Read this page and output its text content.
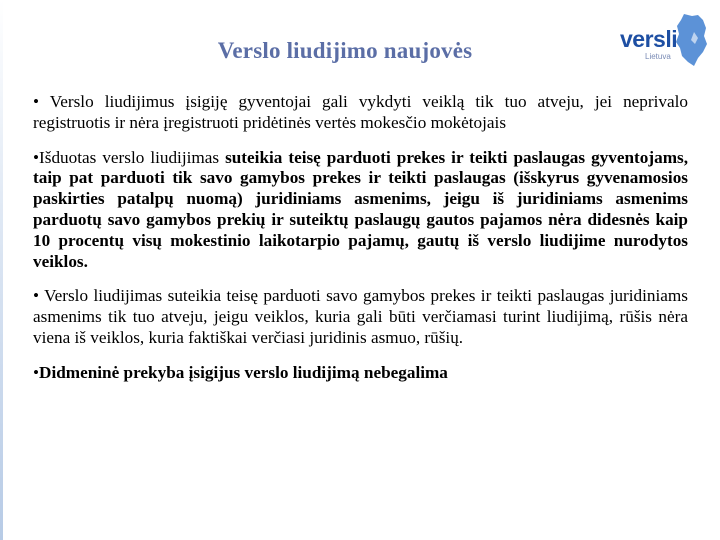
Verslo liudijimo naujovės	versli
Lietuva

• Verslo liudijimus įsigiję gyventojai gali vykdyti veiklą tik tuo atveju, jei neprivalo registruotis ir nėra įregistruoti pridėtinės vertės mokesčio mokėtojais

•Išduotas verslo liudijimas suteikia teisę parduoti prekes ir teikti paslaugas gyventojams, taip pat parduoti tik savo gamybos prekes ir teikti paslaugas (išskyrus gyvenamosios paskirties patalpų nuomą) juridiniams asmenims, jeigu iš juridiniams asmenims parduotų savo gamybos prekių ir suteiktų paslaugų gautos pajamos nėra didesnės kaip 10 procentų visų mokestinio laikotarpio pajamų, gautų iš verslo liudijime nurodytos veiklos.

• Verslo liudijimas suteikia teisę parduoti savo gamybos prekes ir teikti paslaugas juridiniams asmenims tik tuo atveju, jeigu veiklos, kuria gali būti verčiamasi turint liudijimą, rūšis nėra viena iš veiklos, kuria faktiškai verčiasi juridinis asmuo, rūšių.

•Didmeninė prekyba įsigijus verslo liudijimą nebegalima
